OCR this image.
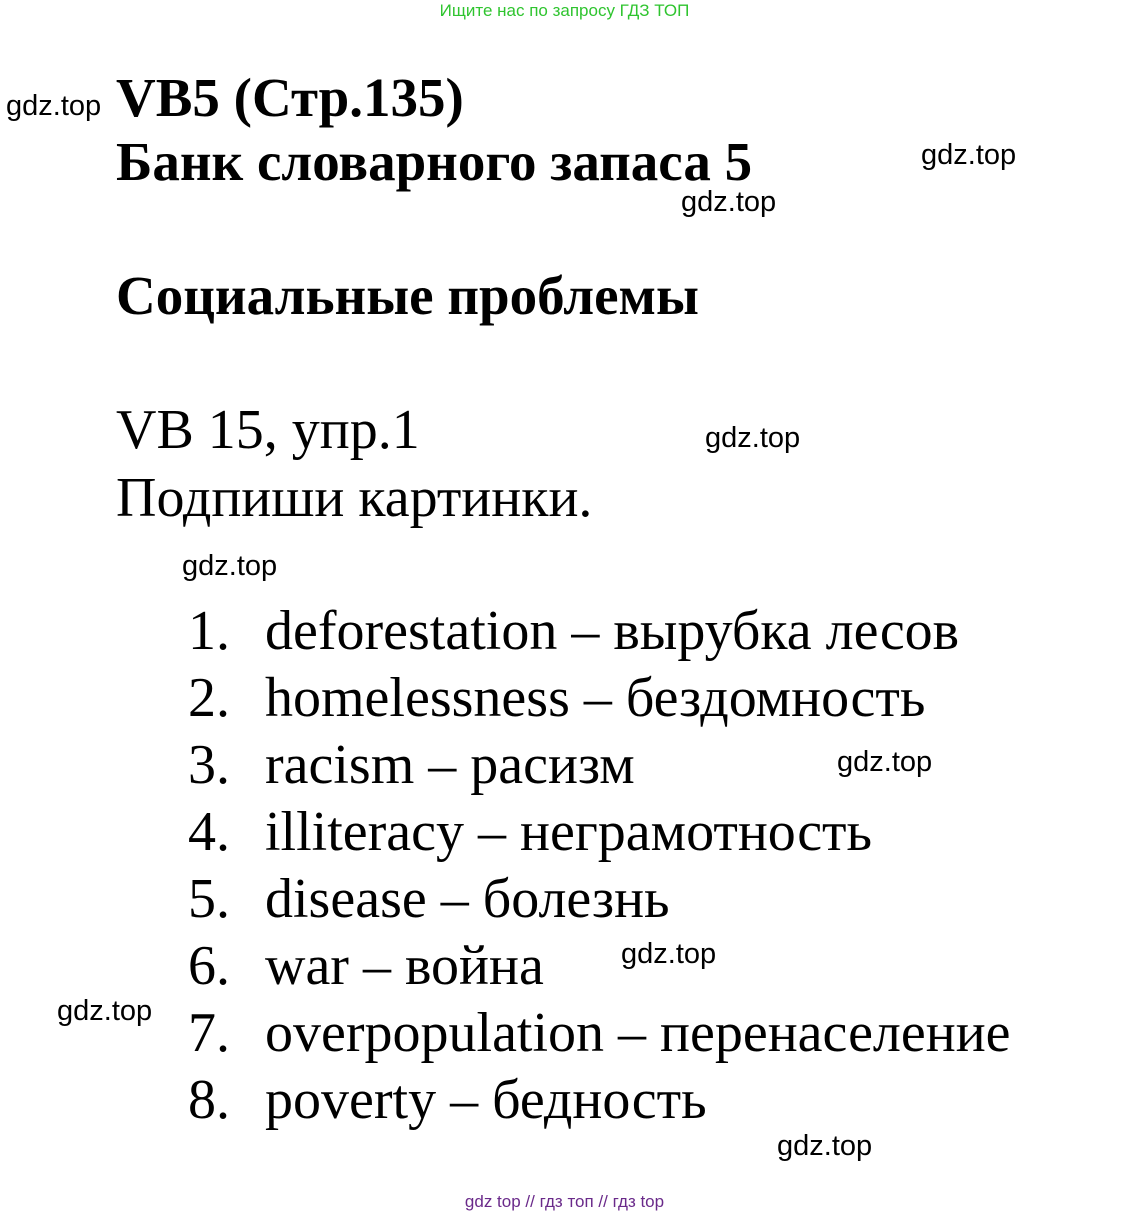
Ищите нас по запросу ГДЗ ТОП
VB5 (Стр.135)
Банк словарного запаса 5
Социальные проблемы
VB 15, упр.1
Подпиши картинки.
1. deforestation – вырубка лесов
2. homelessness – бездомность
3. racism – расизм
4. illiteracy – неграмотность
5. disease – болезнь
6. war – война
7. overpopulation – перенаселение
8. poverty – бедность
gdz.top
gdz.top
gdz.top
gdz.top
gdz.top
gdz.top
gdz.top
gdz.top
gdz.top
gdz top // гдз топ // гдз top
